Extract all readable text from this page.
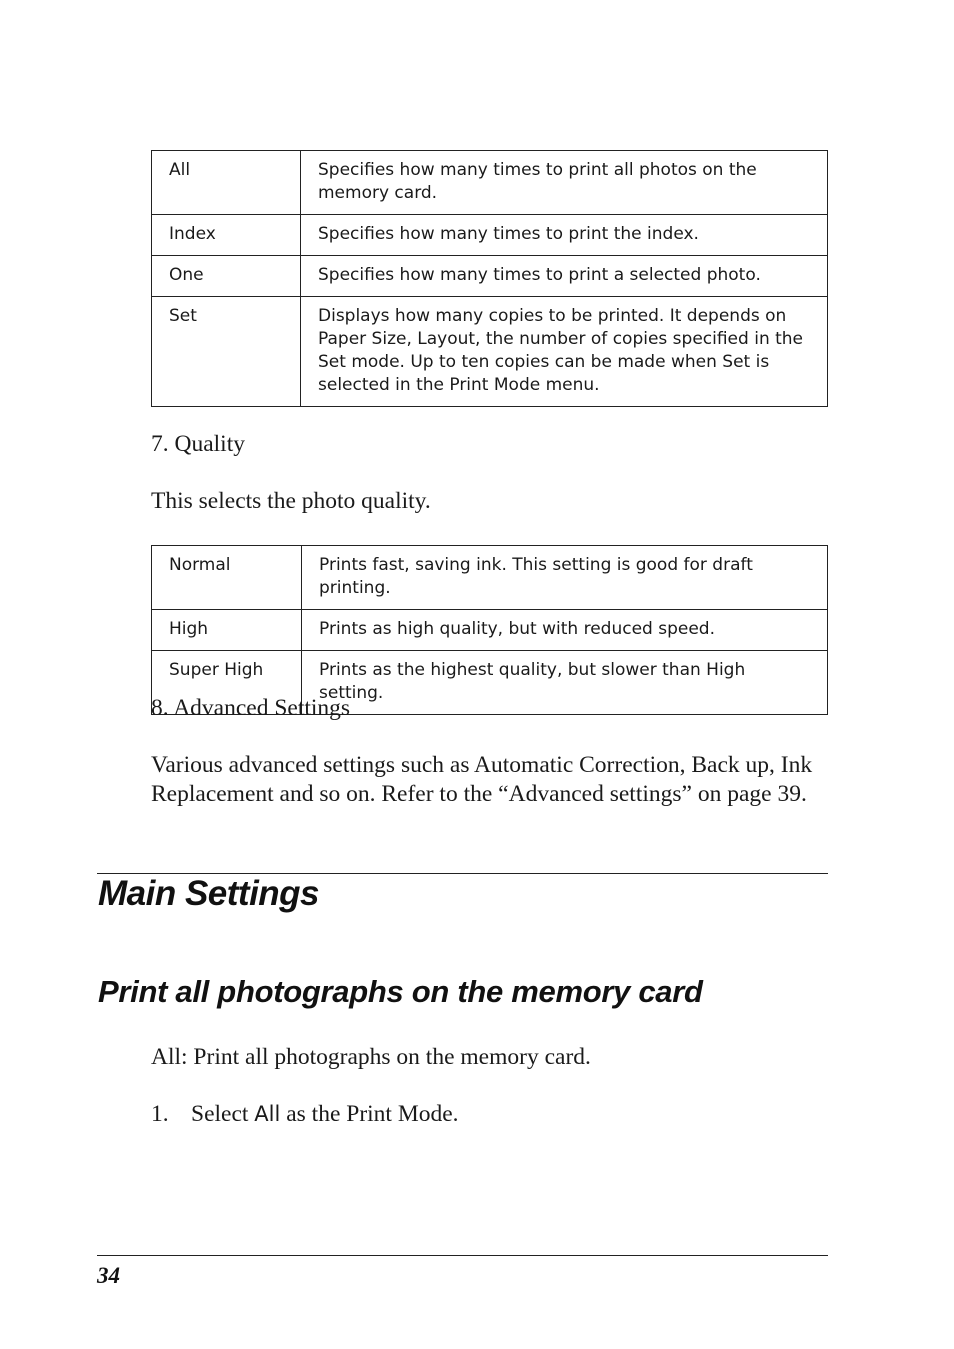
All	Specifies how many times to print all photos on the memory card.
Index	Specifies how many times to print the index.
One	Specifies how many times to print a selected photo.
Set	Displays how many copies to be printed. It depends on Paper Size, Layout, the number of copies specified in the Set mode. Up to ten copies can be made when Set is selected in the Print Mode menu.
7. Quality
This selects the photo quality.
Normal	Prints fast, saving ink. This setting is good for draft printing.
High	Prints as high quality, but with reduced speed.
Super High	Prints as the highest quality, but slower than High setting.
8. Advanced Settings
Various advanced settings such as Automatic Correction, Back up, Ink Replacement and so on. Refer to the “Advanced settings” on page 39.
Main Settings
Print all photographs on the memory card
All: Print all photographs on the memory card.
1. Select All as the Print Mode.
34
